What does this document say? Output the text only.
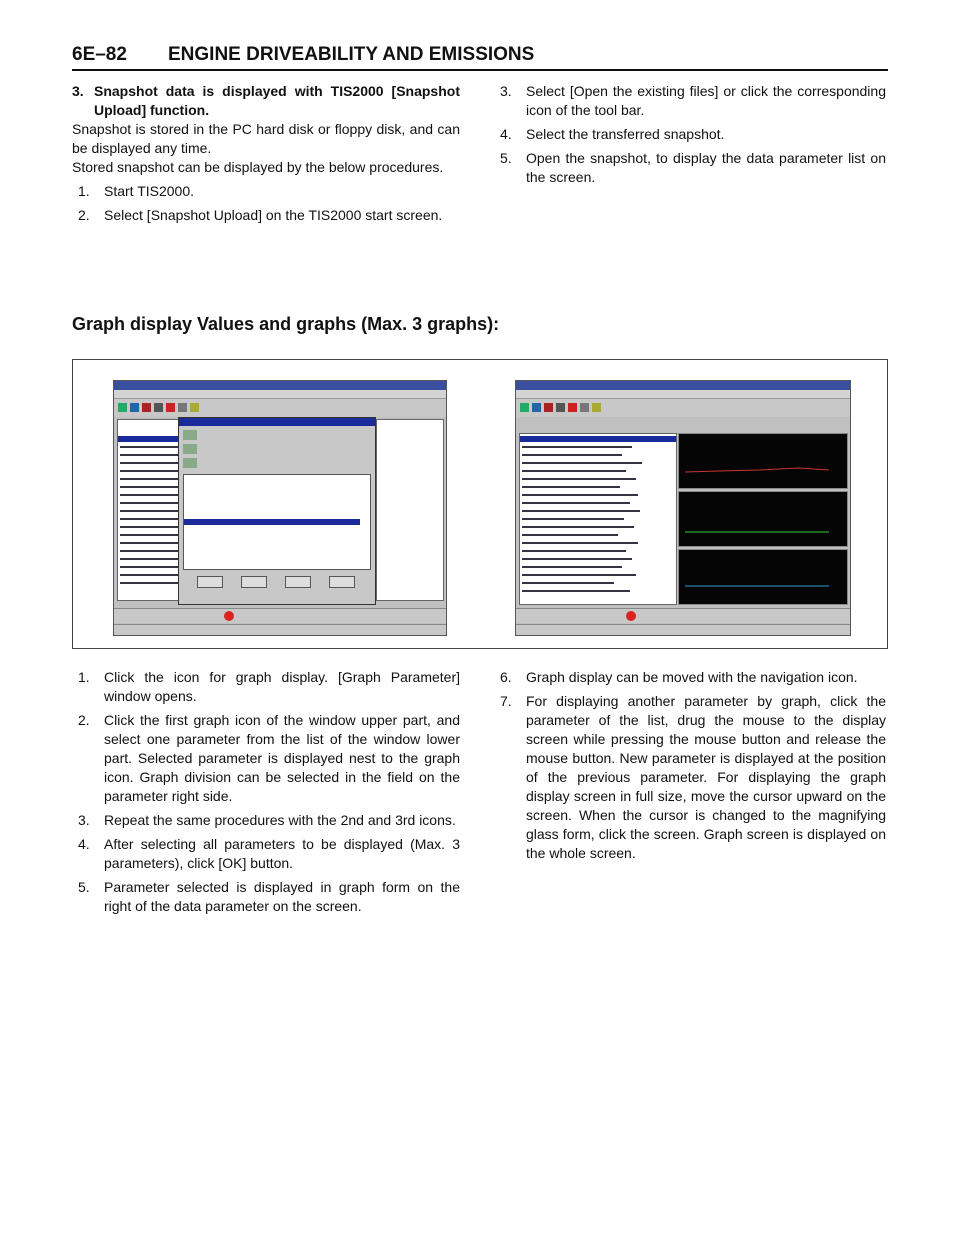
6E–82 ENGINE DRIVEABILITY AND EMISSIONS
3. Snapshot data is displayed with TIS2000 [Snapshot Upload] function.

Snapshot is stored in the PC hard disk or floppy disk, and can be displayed any time.

Stored snapshot can be displayed by the below procedures.

1. Start TIS2000.
2. Select [Snapshot Upload] on the TIS2000 start screen.
3. Select [Open the existing files] or click the corresponding icon of the tool bar.
4. Select the transferred snapshot.
5. Open the snapshot, to display the data parameter list on the screen.
Graph display Values and graphs (Max. 3 graphs):
1. Click the icon for graph display. [Graph Parameter] window opens.
2. Click the first graph icon of the window upper part, and select one parameter from the list of the window lower part. Selected parameter is displayed nest to the graph icon. Graph division can be selected in the field on the parameter right side.
3. Repeat the same procedures with the 2nd and 3rd icons.
4. After selecting all parameters to be displayed (Max. 3 parameters), click [OK] button.
5. Parameter selected is displayed in graph form on the right of the data parameter on the screen.
6. Graph display can be moved with the navigation icon.
7. For displaying another parameter by graph, click the parameter of the list, drug the mouse to the display screen while pressing the mouse button and release the mouse button. New parameter is displayed at the position of the previous parameter. For displaying the graph display screen in full size, move the cursor upward on the screen. When the cursor is changed to the magnifying glass form, click the screen. Graph screen is displayed on the whole screen.
